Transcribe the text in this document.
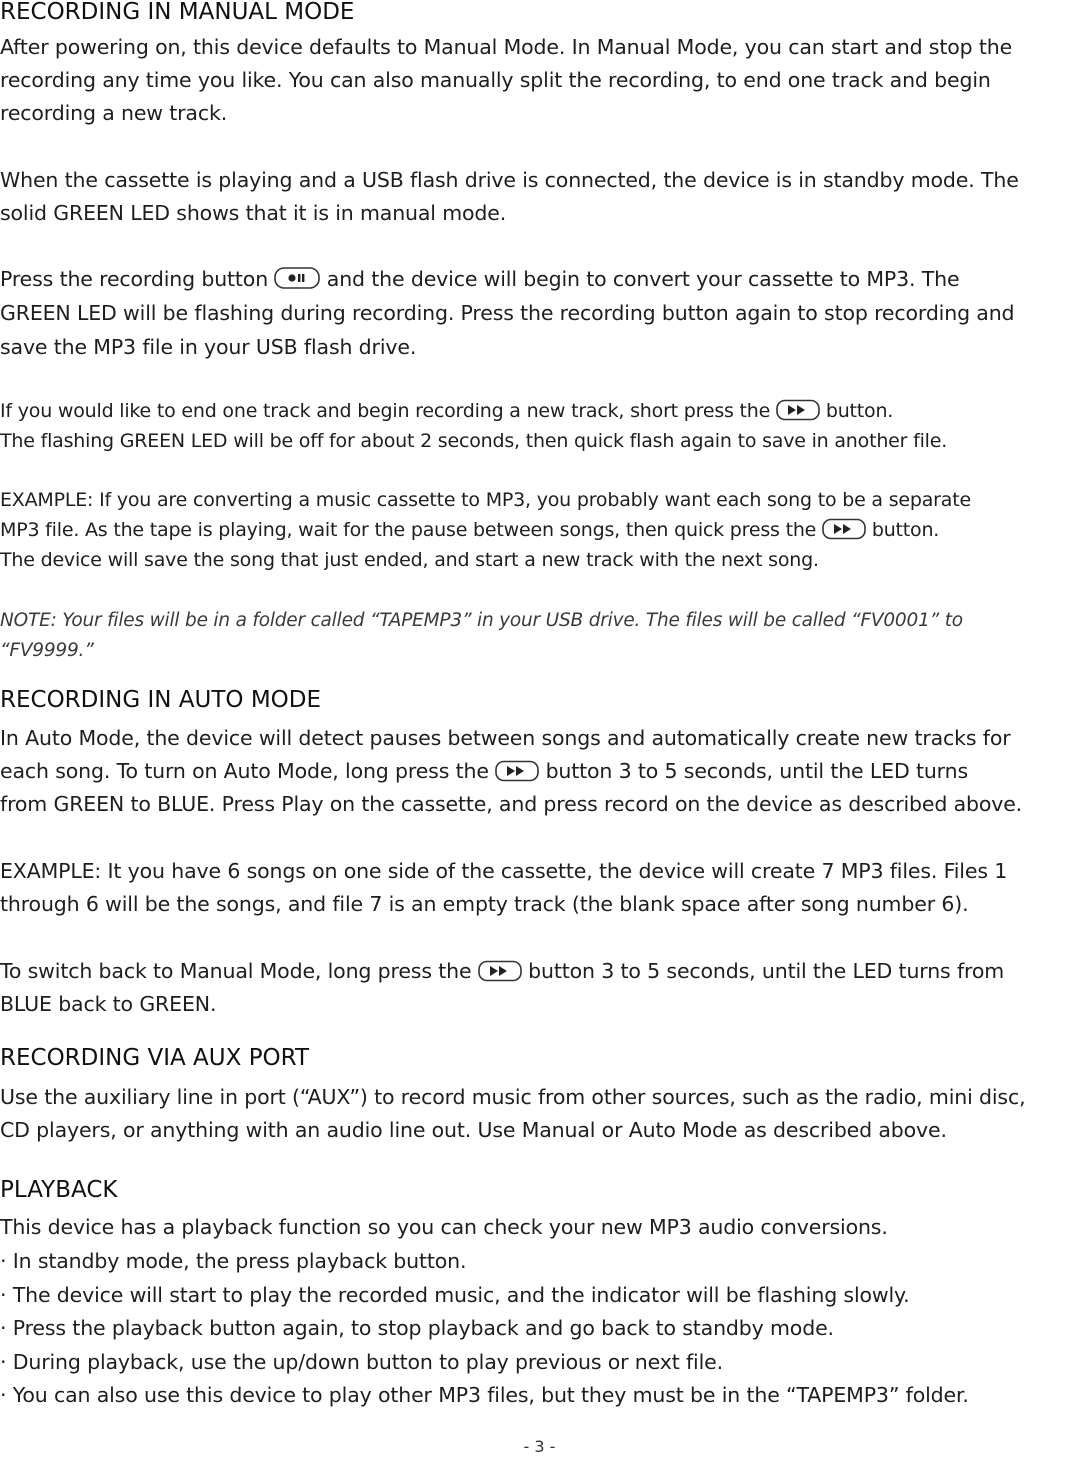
RECORDING IN MANUAL MODE
After powering on, this device defaults to Manual Mode. In Manual Mode, you can start and stop the
recording any time you like. You can also manually split the recording, to end one track and begin
recording a new track.
When the cassette is playing and a USB flash drive is connected, the device is in standby mode. The
solid GREEN LED shows that it is in manual mode.
Press the recording button	and the device will begin to convert your cassette to MP3. The
GREEN LED will be flashing during recording. Press the recording button again to stop recording and
save the MP3 file in your USB flash drive.
If you would like to end one track and begin recording a new track, short press the	button.
The flashing GREEN LED will be off for about 2 seconds, then quick flash again to save in another file.
EXAMPLE: If you are converting a music cassette to MP3, you probably want each song to be a separate
MP3 file. As the tape is playing, wait for the pause between songs, then quick press the	button.
The device will save the song that just ended, and start a new track with the next song.
NOTE: Your files will be in a folder called “TAPEMP3” in your USB drive. The files will be called “FV0001” to
“FV9999.”
RECORDING IN AUTO MODE
In Auto Mode, the device will detect pauses between songs and automatically create new tracks for
each song. To turn on Auto Mode, long press the	button 3 to 5 seconds, until the LED turns
from GREEN to BLUE. Press Play on the cassette, and press record on the device as described above.
EXAMPLE: It you have 6 songs on one side of the cassette, the device will create 7 MP3 files. Files 1
through 6 will be the songs, and file 7 is an empty track (the blank space after song number 6).
To switch back to Manual Mode, long press the	button 3 to 5 seconds, until the LED turns from
BLUE back to GREEN.
RECORDING VIA AUX PORT
Use the auxiliary line in port (“AUX”) to record music from other sources, such as the radio, mini disc,
CD players, or anything with an audio line out. Use Manual or Auto Mode as described above.
PLAYBACK
This device has a playback function so you can check your new MP3 audio conversions.
· In standby mode, the press playback button.
· The device will start to play the recorded music, and the indicator will be flashing slowly.
· Press the playback button again, to stop playback and go back to standby mode.
· During playback, use the up/down button to play previous or next file.
· You can also use this device to play other MP3 files, but they must be in the “TAPEMP3” folder.
- 3 -
